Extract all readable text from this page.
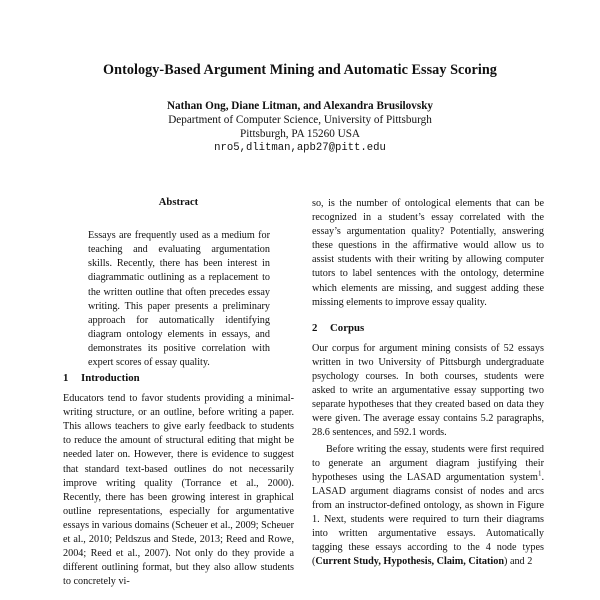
Ontology-Based Argument Mining and Automatic Essay Scoring
Nathan Ong, Diane Litman, and Alexandra Brusilovsky
Department of Computer Science, University of Pittsburgh
Pittsburgh, PA 15260 USA
nro5,dlitman,apb27@pitt.edu
Abstract

Essays are frequently used as a medium for teaching and evaluating argumentation skills. Recently, there has been interest in diagrammatic outlining as a replacement to the written outline that often precedes essay writing. This paper presents a preliminary approach for automatically identifying diagram ontology elements in essays, and demonstrates its positive correlation with expert scores of essay quality.

1 Introduction

Educators tend to favor students providing a minimal-writing structure, or an outline, before writing a paper. This allows teachers to give early feedback to students to reduce the amount of structural editing that might be needed later on. However, there is evidence to suggest that standard text-based outlines do not necessarily improve writing quality (Torrance et al., 2000). Recently, there has been growing interest in graphical outline representations, especially for argumentative essays in various domains (Scheuer et al., 2009; Scheuer et al., 2010; Peldszus and Stede, 2013; Reed and Rowe, 2004; Reed et al., 2007). Not only do they provide a different outlining format, but they also allow students to concretely vi-

so, is the number of ontological elements that can be recognized in a student’s essay correlated with the essay’s argumentation quality? Potentially, answering these questions in the affirmative would allow us to assist students with their writing by allowing computer tutors to label sentences with the ontology, determine which elements are missing, and suggest adding these missing elements to improve essay quality.

2 Corpus

Our corpus for argument mining consists of 52 essays written in two University of Pittsburgh undergraduate psychology courses. In both courses, students were asked to write an argumentative essay supporting two separate hypotheses that they created based on data they were given. The average essay contains 5.2 paragraphs, 28.6 sentences, and 592.1 words.

Before writing the essay, students were first required to generate an argument diagram justifying their hypotheses using the LASAD argumentation system$^1$. LASAD argument diagrams consist of nodes and arcs from an instructor-defined ontology, as shown in Figure 1. Next, students were required to turn their diagrams into written argumentative essays. Automatically tagging these essays according to the 4 node types (Current Study, Hypothesis, Claim, Citation) and 2
